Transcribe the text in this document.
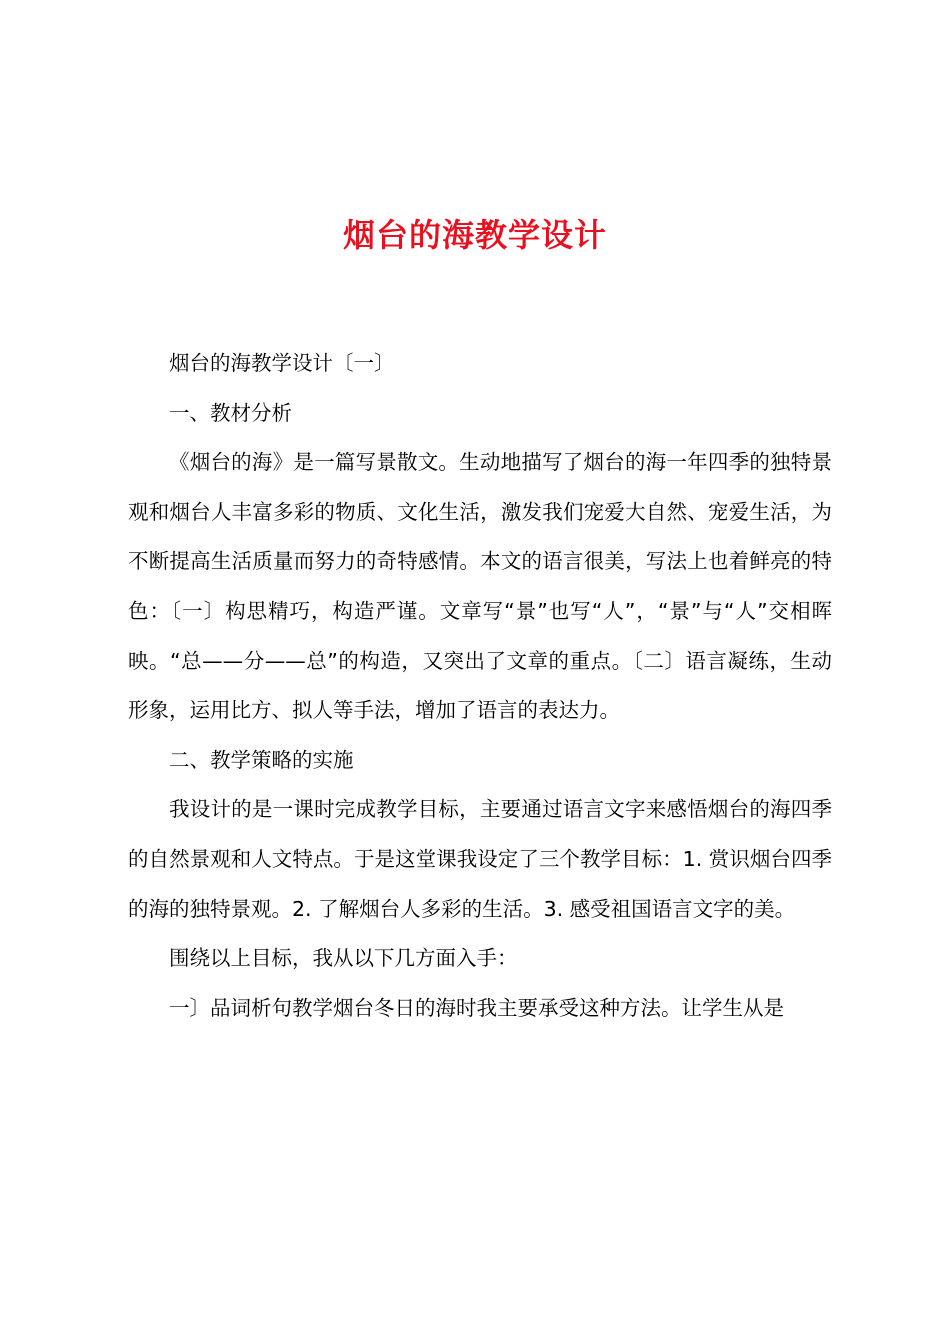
烟台的海教学设计

烟台的海教学设计〔一〕

一、教材分析

《烟台的海》是一篇写景散文。生动地描写了烟台的海一年四季的独特景观和烟台人丰富多彩的物质、文化生活，激发我们宠爱大自然、宠爱生活，为不断提高生活质量而努力的奇特感情。本文的语言很美，写法上也着鲜亮的特色：〔一〕构思精巧，构造严谨。文章写“景”也写“人”，“景”与“人”交相晖映。“总——分——总”的构造，又突出了文章的重点。〔二〕语言凝练，生动形象，运用比方、拟人等手法，增加了语言的表达力。

二、教学策略的实施

我设计的是一课时完成教学目标，主要通过语言文字来感悟烟台的海四季的自然景观和人文特点。于是这堂课我设定了三个教学目标：1. 赏识烟台四季的海的独特景观。2. 了解烟台人多彩的生活。3. 感受祖国语言文字的美。

围绕以上目标，我从以下几方面入手：

一〕品词析句教学烟台冬日的海时我主要承受这种方法。让学生从是
